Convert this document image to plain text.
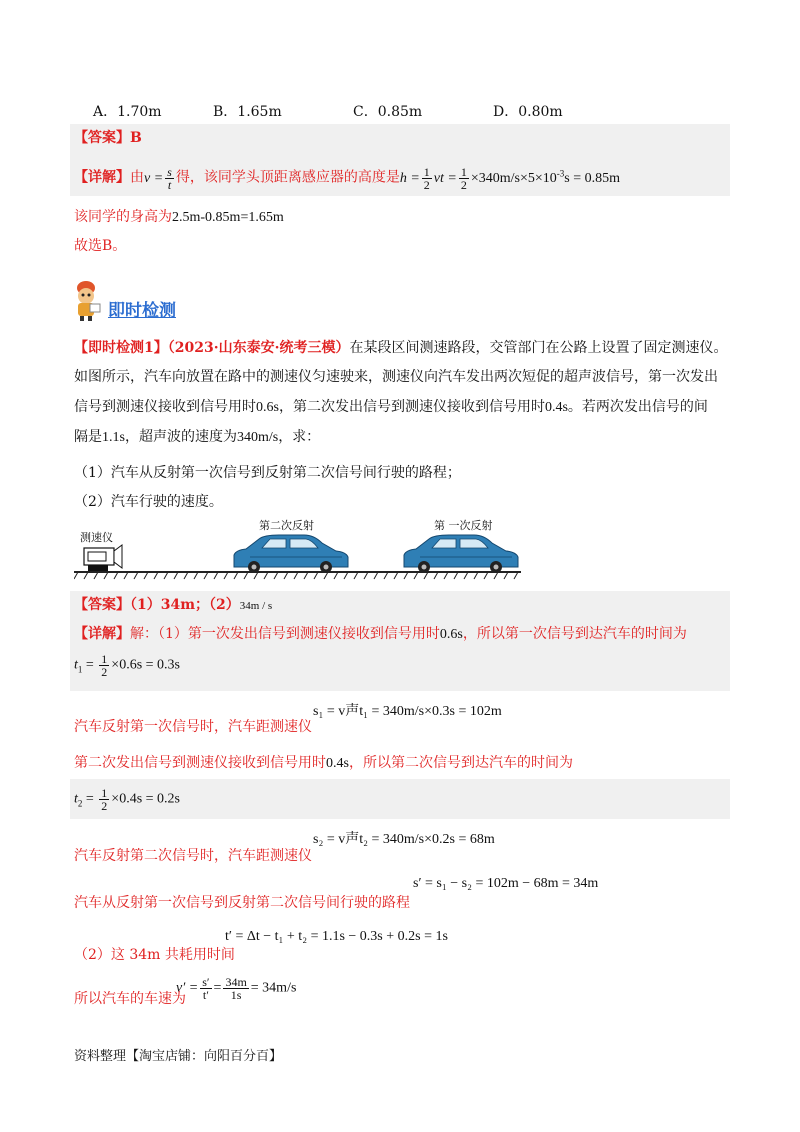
A．1.70m	B．1.65m	C．0.85m	D．0.80m
【答案】B
【详解】由$v = \frac{s}{t}$ 得，该同学头顶距离感应器的高度是$h = \frac{1}{2}$ vt = $\frac{1}{2} \times 340m/s\times 5\times 10^{-3}s = 0.85m$
该同学的身高为2.5m-0.85m=1.65m
故选B。
即时检测
【即时检测1】（2023·山东泰安·统考三模）在某段区间测速路段，交管部门在公路上设置了固定测速仪。
如图所示，汽车向放置在路中的测速仪匀速驶来，测速仪向汽车发出两次短促的超声波信号，第一次发出
信号到测速仪接收到信号用时0.6s，第二次发出信号到测速仪接收到信号用时0.4s。若两次发出信号的间
隔是1.1s，超声波的速度为340m/s，求：
（1）汽车从反射第一次信号到反射第二次信号间行驶的路程；
（2）汽车行驶的速度。
测速仪
第二次反射	第 一次反射
【答案】（1）34m；（2）34m / s
【详解】解：（1）第一次发出信号到测速仪接收到信号用时0.6s，所以第一次信号到达汽车的时间为
$t_1 = \frac{1}{2} \times 0.6s = 0.3s$
汽车反射第一次信号时，汽车距测速仪
s₁ = v声t₁ = 340m/s×0.3s = 102m
第二次发出信号到测速仪接收到信号用时0.4s，所以第二次信号到达汽车的时间为
$t_2 = \frac{1}{2} \times 0.4s = 0.2s$
汽车反射第二次信号时，汽车距测速仪
s₂ = v声t₂ = 340m/s×0.2s = 68m
汽车从反射第一次信号到反射第二次信号间行驶的路程
s′ = s₁ − s₂ = 102m − 68m = 34m
（2）这 34m 共耗用时间
t′ = Δt − t₁ + t₂ = 1.1s − 0.3s + 0.2s = 1s
所以汽车的车速为
$v' = \frac{s'}{t'} = \frac{34m}{1s} = 34m/s$
资料整理【淘宝店铺：向阳百分百】
